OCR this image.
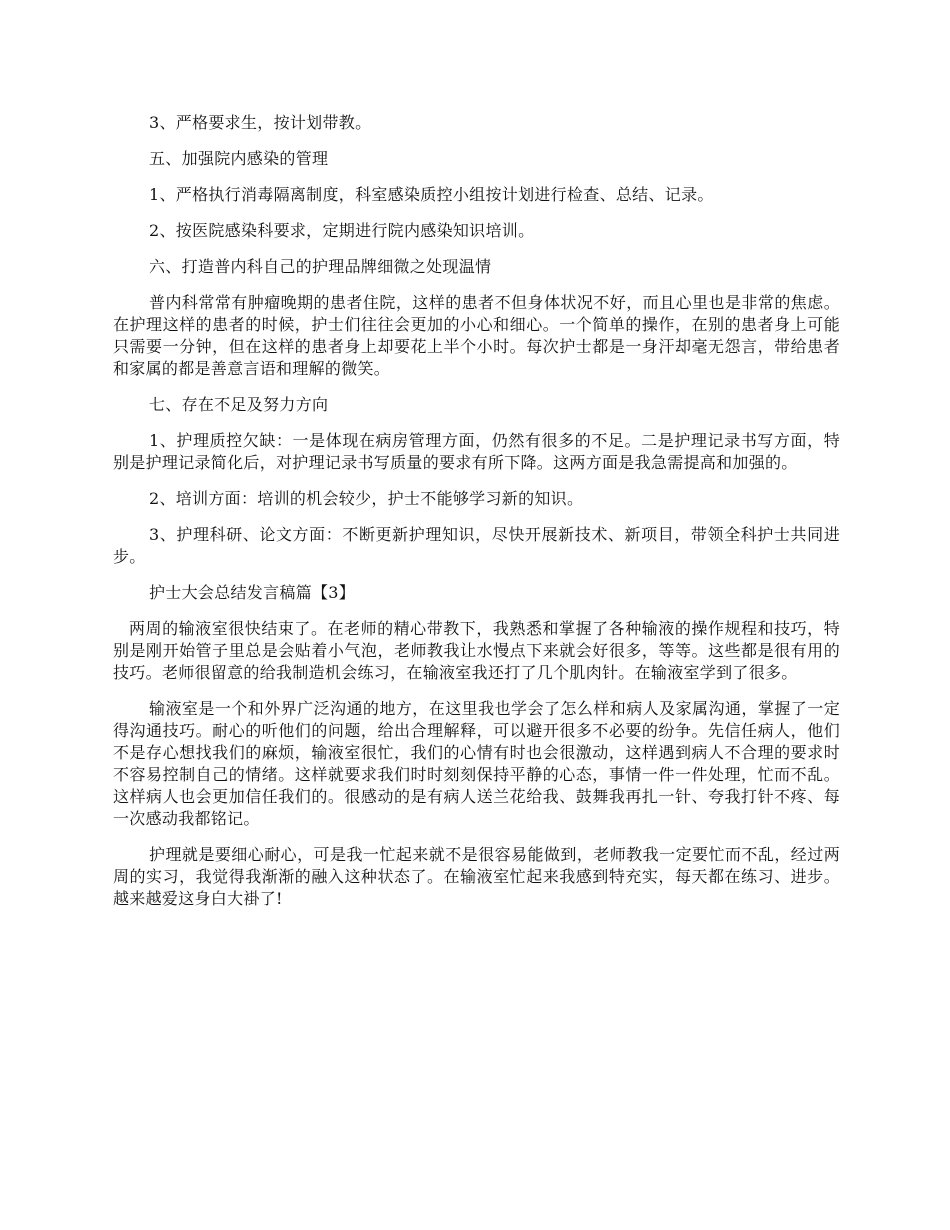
3、严格要求生，按计划带教。

五、加强院内感染的管理

1、严格执行消毒隔离制度，科室感染质控小组按计划进行检查、总结、记录。

2、按医院感染科要求，定期进行院内感染知识培训。

六、打造普内科自己的护理品牌细微之处现温情

普内科常常有肿瘤晚期的患者住院，这样的患者不但身体状况不好，而且心里也是非常的焦虑。在护理这样的患者的时候，护士们往往会更加的小心和细心。一个简单的操作，在别的患者身上可能只需要一分钟，但在这样的患者身上却要花上半个小时。每次护士都是一身汗却毫无怨言，带给患者和家属的都是善意言语和理解的微笑。

七、存在不足及努力方向

1、护理质控欠缺：一是体现在病房管理方面，仍然有很多的不足。二是护理记录书写方面，特别是护理记录简化后，对护理记录书写质量的要求有所下降。这两方面是我急需提高和加强的。

2、培训方面：培训的机会较少，护士不能够学习新的知识。

3、护理科研、论文方面：不断更新护理知识，尽快开展新技术、新项目，带领全科护士共同进步。

护士大会总结发言稿篇【3】

两周的输液室很快结束了。在老师的精心带教下，我熟悉和掌握了各种输液的操作规程和技巧，特别是刚开始管子里总是会贴着小气泡，老师教我让水慢点下来就会好很多，等等。这些都是很有用的技巧。老师很留意的给我制造机会练习，在输液室我还打了几个肌肉针。在输液室学到了很多。

输液室是一个和外界广泛沟通的地方，在这里我也学会了怎么样和病人及家属沟通，掌握了一定得沟通技巧。耐心的听他们的问题，给出合理解释，可以避开很多不必要的纷争。先信任病人，他们不是存心想找我们的麻烦，输液室很忙，我们的心情有时也会很激动，这样遇到病人不合理的要求时不容易控制自己的情绪。这样就要求我们时时刻刻保持平静的心态，事情一件一件处理，忙而不乱。这样病人也会更加信任我们的。很感动的是有病人送兰花给我、鼓舞我再扎一针、夸我打针不疼、每一次感动我都铭记。

护理就是要细心耐心，可是我一忙起来就不是很容易能做到，老师教我一定要忙而不乱，经过两周的实习，我觉得我渐渐的融入这种状态了。在输液室忙起来我感到特充实，每天都在练习、进步。越来越爱这身白大褂了!
